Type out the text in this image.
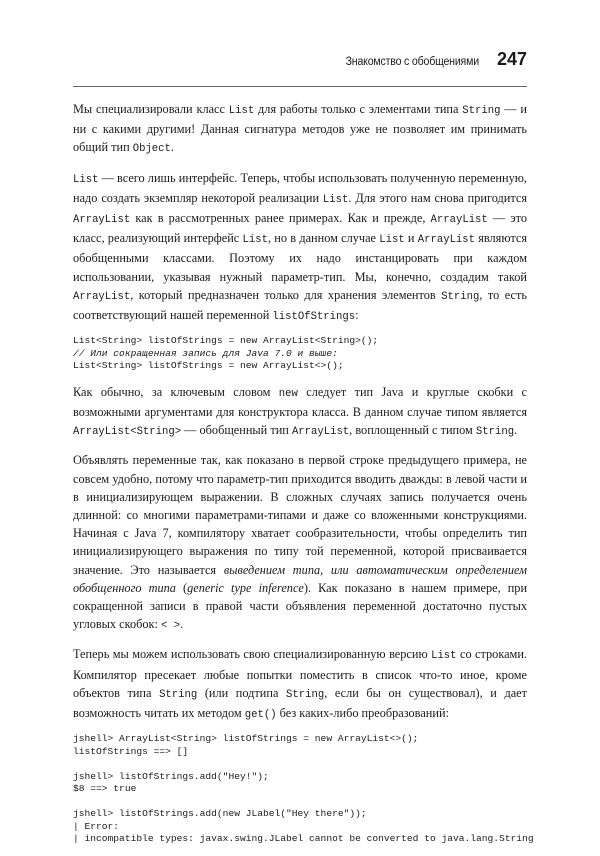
Знакомство с обобщениями 247

Мы специализировали класс List для работы только с элементами типа String — и ни с какими другими! Данная сигнатура методов уже не позволяет им принимать общий тип Object.

List — всего лишь интерфейс. Теперь, чтобы использовать полученную переменную, надо создать экземпляр некоторой реализации List. Для этого нам снова пригодится ArrayList как в рассмотренных ранее примерах. Как и прежде, ArrayList — это класс, реализующий интерфейс List, но в данном случае List и ArrayList являются обобщенными классами. Поэтому их надо инстанцировать при каждом использовании, указывая нужный параметр-тип. Мы, конечно, создадим такой ArrayList, который предназначен только для хранения элементов String, то есть соответствующий нашей переменной listOfStrings:

List<String> listOfStrings = new ArrayList<String>();
// Или сокращенная запись для Java 7.0 и выше:
List<String> listOfStrings = new ArrayList<>();

Как обычно, за ключевым словом new следует тип Java и круглые скобки с возможными аргументами для конструктора класса. В данном случае типом является ArrayList<String> — обобщенный тип ArrayList, воплощенный с типом String.

Объявлять переменные так, как показано в первой строке предыдущего примера, не совсем удобно, потому что параметр-тип приходится вводить дважды: в левой части и в инициализирующем выражении. В сложных случаях запись получается очень длинной: со многими параметрами-типами и даже со вложенными конструкциями. Начиная с Java 7, компилятору хватает сообразительности, чтобы определить тип инициализирующего выражения по типу той переменной, которой присваивается значение. Это называется выведением типа, или автоматическим определением обобщенного типа (generic type inference). Как показано в нашем примере, при сокращенной записи в правой части объявления переменной достаточно пустых угловых скобок: < >.

Теперь мы можем использовать свою специализированную версию List со строками. Компилятор пресекает любые попытки поместить в список что-то иное, кроме объектов типа String (или подтипа String, если бы он существовал), и дает возможность читать их методом get() без каких-либо преобразований:

jshell> ArrayList<String> listOfStrings = new ArrayList<>();
listOfStrings ==> []

jshell> listOfStrings.add("Hey!");
$8 ==> true

jshell> listOfStrings.add(new JLabel("Hey there"));
| Error:
| incompatible types: javax.swing.JLabel cannot be converted to java.lang.String
